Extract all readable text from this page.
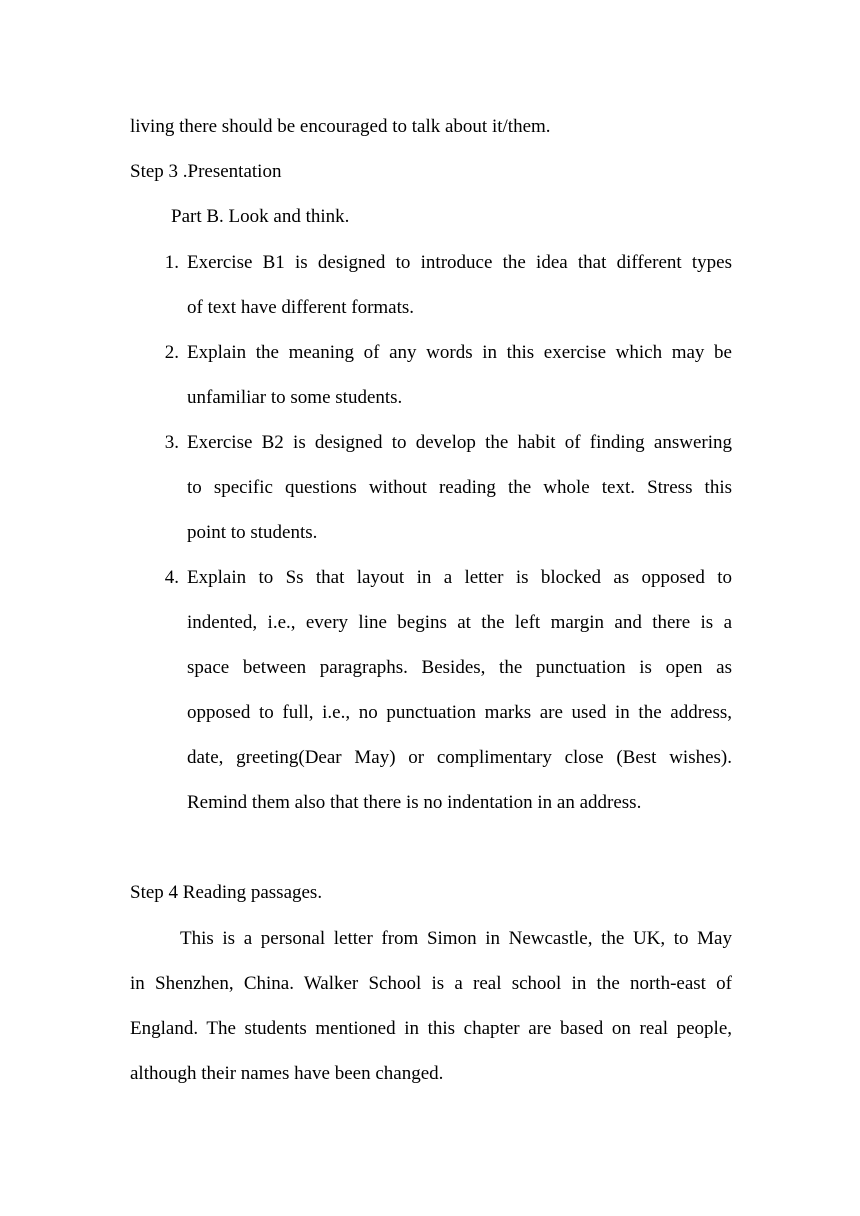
living there should be encouraged to talk about it/them.
Step 3 .Presentation
Part B. Look and think.
1. Exercise B1 is designed to introduce the idea that different types
of text have different formats.
2. Explain the meaning of any words in this exercise which may be
unfamiliar to some students.
3. Exercise B2 is designed to develop the habit of finding answering
to specific questions without reading the whole text. Stress this
point to students.
4. Explain to Ss that layout in a letter is blocked as opposed to
indented, i.e., every line begins at the left margin and there is a
space between paragraphs. Besides, the punctuation is open as
opposed to full, i.e., no punctuation marks are used in the address,
date, greeting(Dear May) or complimentary close (Best wishes).
Remind them also that there is no indentation in an address.
Step 4 Reading passages.
This is a personal letter from Simon in Newcastle, the UK, to May
in Shenzhen, China. Walker School is a real school in the north-east of
England. The students mentioned in this chapter are based on real people,
although their names have been changed.
